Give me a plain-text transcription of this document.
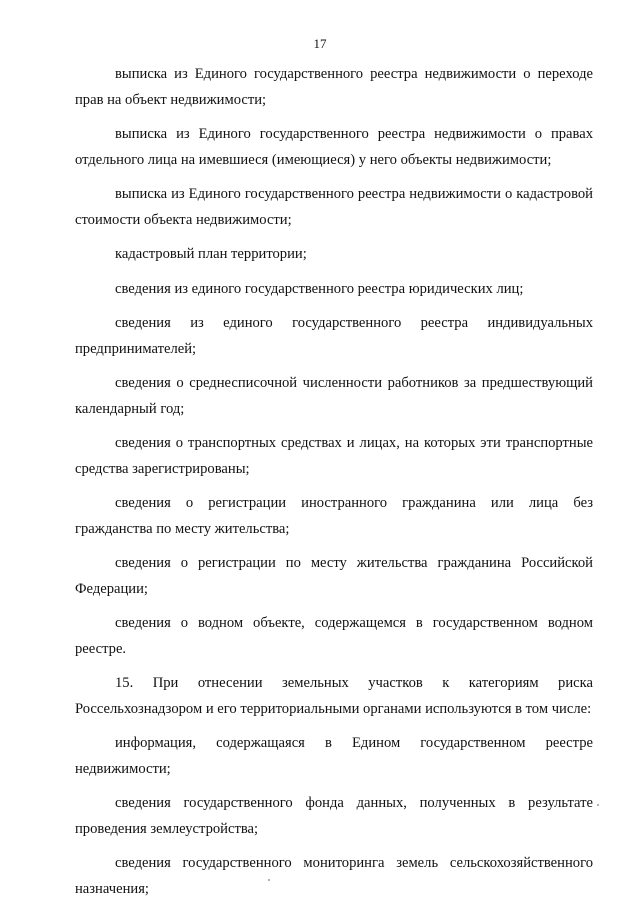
17

выписка из Единого государственного реестра недвижимости о переходе прав на объект недвижимости;

выписка из Единого государственного реестра недвижимости о правах отдельного лица на имевшиеся (имеющиеся) у него объекты недвижимости;

выписка из Единого государственного реестра недвижимости о кадастровой стоимости объекта недвижимости;

кадастровый план территории;

сведения из единого государственного реестра юридических лиц;

сведения из единого государственного реестра индивидуальных предпринимателей;

сведения о среднесписочной численности работников за предшествующий календарный год;

сведения о транспортных средствах и лицах, на которых эти транспортные средства зарегистрированы;

сведения о регистрации иностранного гражданина или лица без гражданства по месту жительства;

сведения о регистрации по месту жительства гражданина Российской Федерации;

сведения о водном объекте, содержащемся в государственном водном реестре.

15. При отнесении земельных участков к категориям риска Россельхознадзором и его территориальными органами используются в том числе:

информация, содержащаяся в Едином государственном реестре недвижимости;

сведения государственного фонда данных, полученных в результате проведения землеустройства;

сведения государственного мониторинга земель сельскохозяйственного назначения;
